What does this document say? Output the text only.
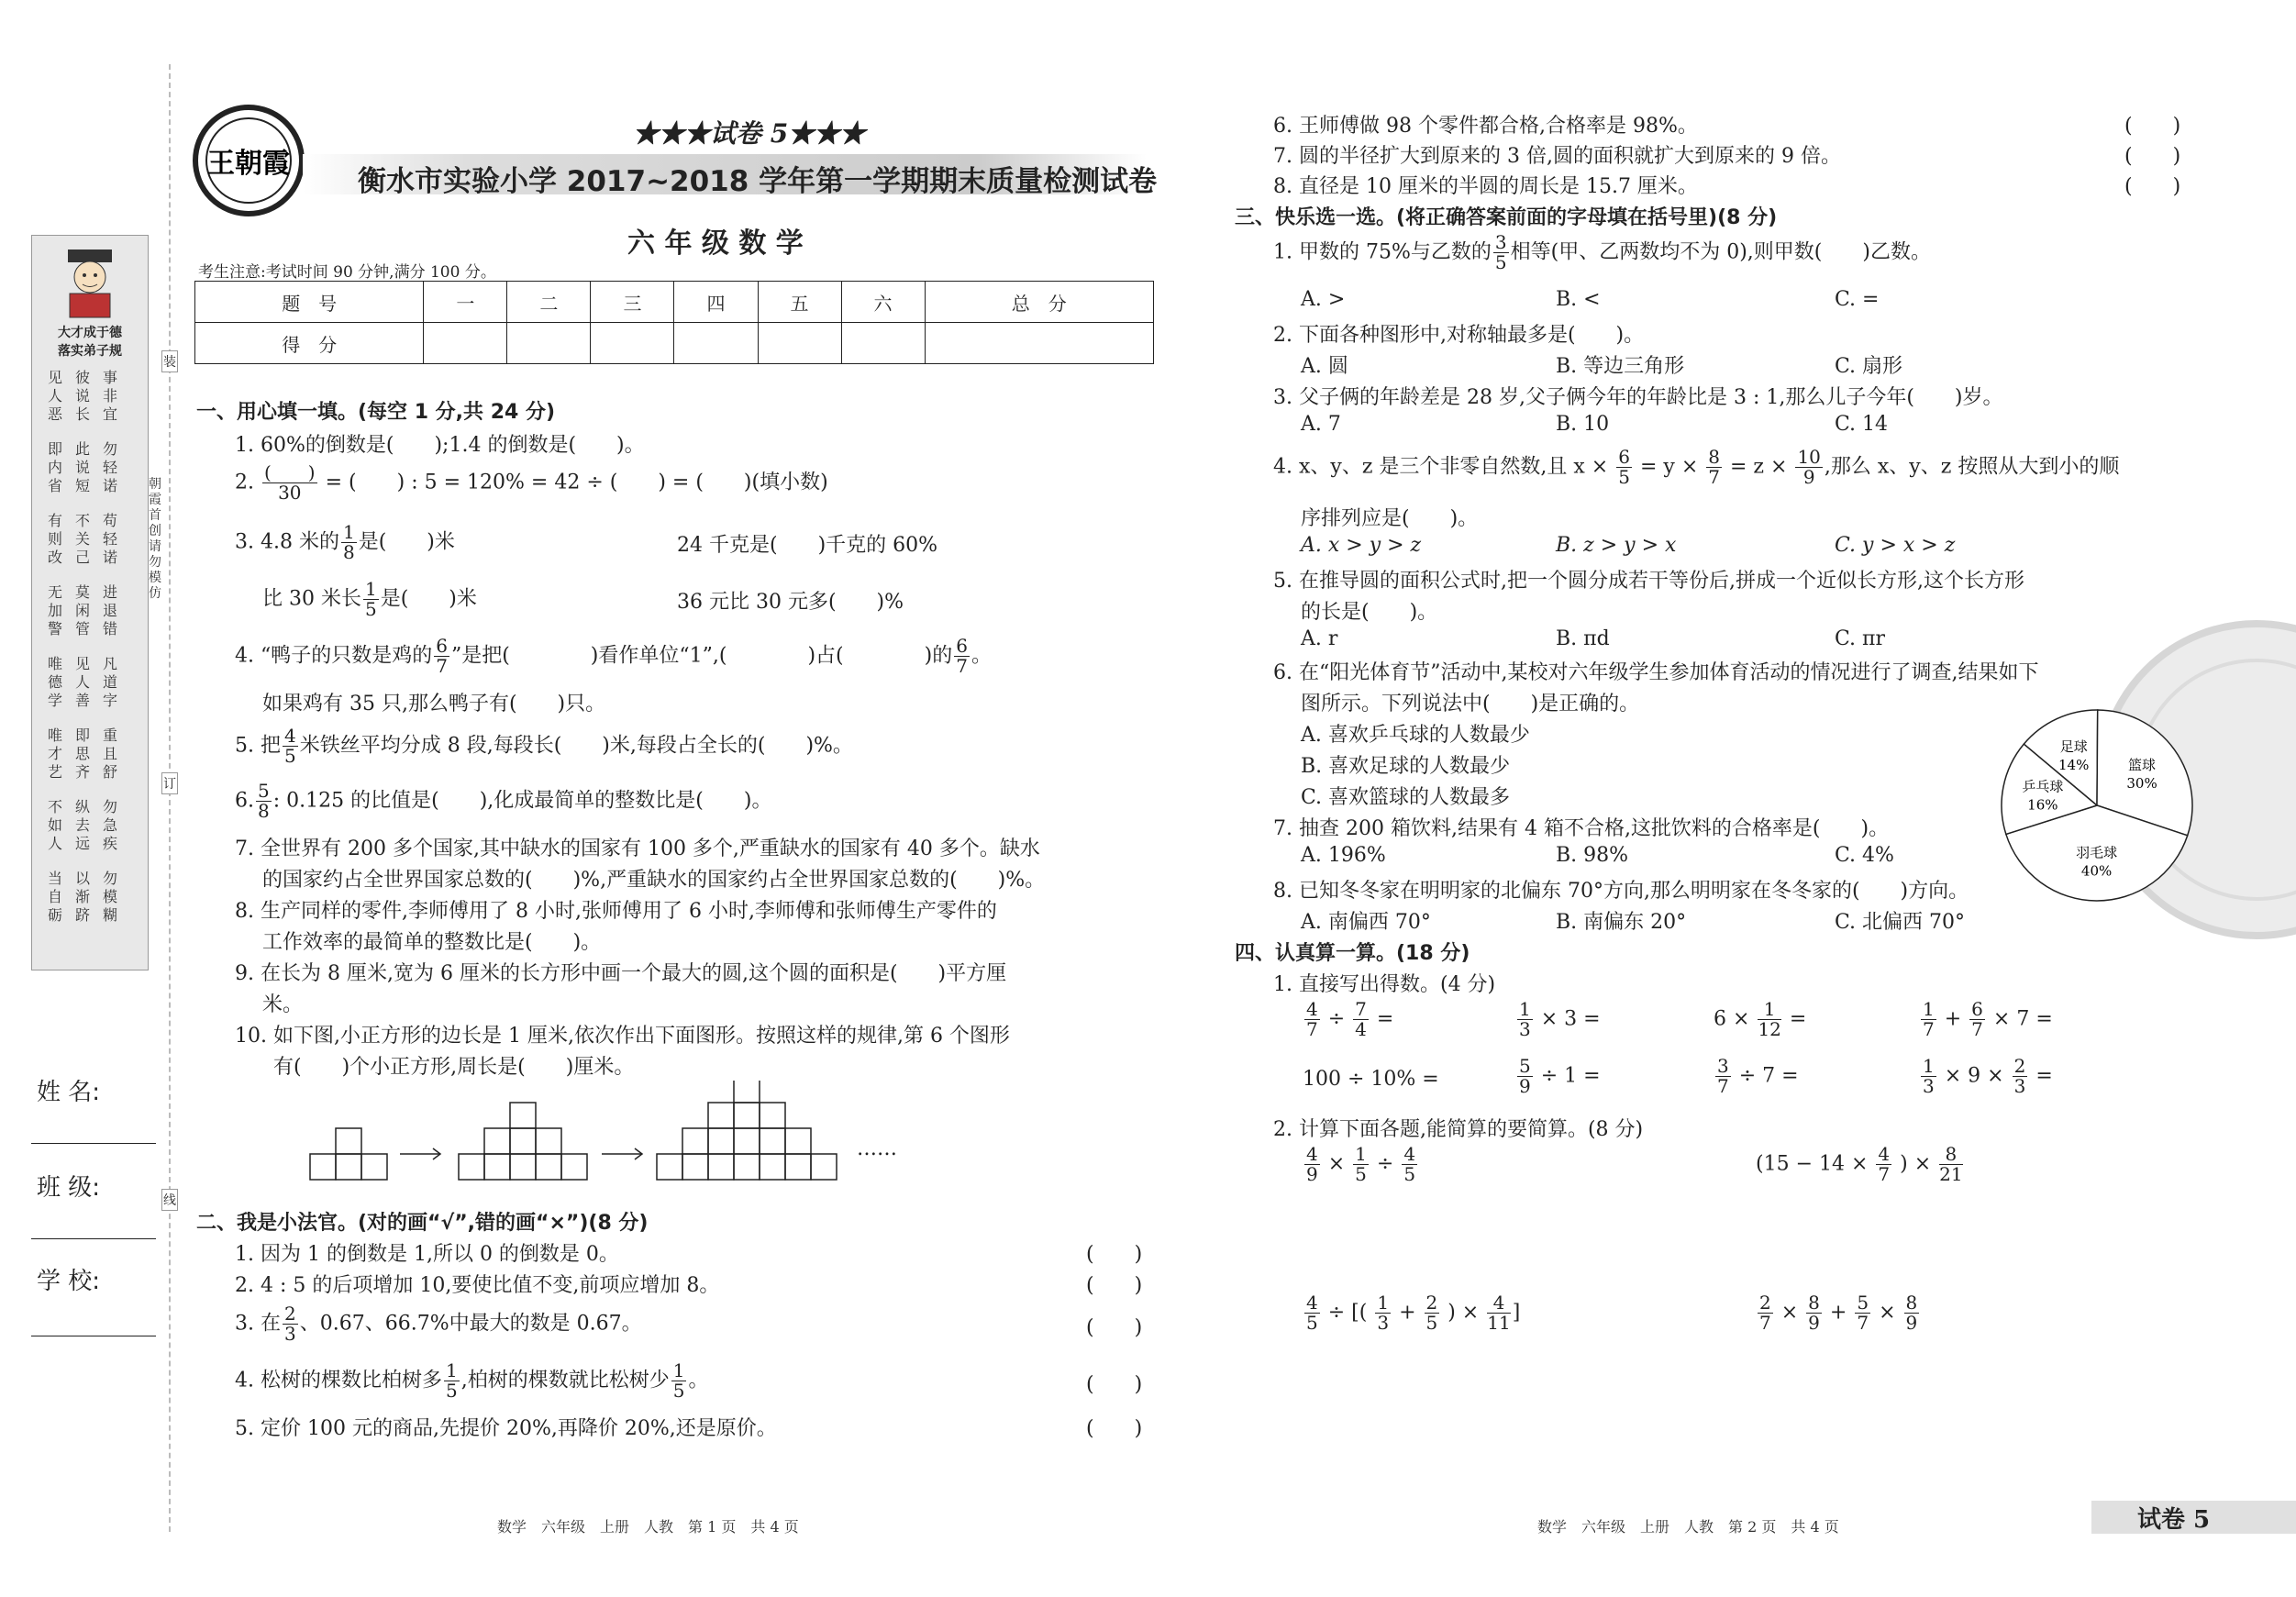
大才成于德
落实弟子规
见人恶
彼说长
事非宜
即内省
此说短
勿轻诺
有则改
不关己
苟轻诺
无加警
莫闲管
进退错
唯德学
见人善
凡道字
唯才艺
即思齐
重且舒
不如人
纵去远
勿急疾
当自砺
以渐跻
勿模糊
姓 名:
班 级:
学 校:
朝霞首创 请勿模仿
装
订
线
王朝霞
★★★试卷 5★★★
衡水市实验小学 2017~2018 学年第一学期期末质量检测试卷
六 年 级 数 学
考生注意:考试时间 90 分钟,满分 100 分。
题　号	一	二	三	四	五	六	总　分
得　分							
一、用心填一填。(每空 1 分,共 24 分)
1. 60%的倒数是(　　);1.4 的倒数是(　　)。
2. $\frac{( )}{30}$ = (　　) : 5 = 120% = 42 ÷ (　　) = (　　)(填小数)
3. 4.8 米的 $\frac{1}{8}$ 是(　　)米	24 千克是(　　)千克的 60%
比 30 米长 $\frac{1}{5}$ 是(　　)米	36 元比 30 元多(　　)%
4. “鸭子的只数是鸡的 $\frac{6}{7}$ ”是把(　　　　)看作单位“1”,(　　　　)占(　　　　)的 $\frac{6}{7}$ 。
如果鸡有 35 只,那么鸭子有(　　)只。
5. 把 $\frac{4}{5}$ 米铁丝平均分成 8 段,每段长(　　)米,每段占全长的(　　)%。
6. $\frac{5}{8}$ : 0.125 的比值是(　　),化成最简单的整数比是(　　)。
7. 全世界有 200 多个国家,其中缺水的国家有 100 多个,严重缺水的国家有 40 多个。缺水
的国家约占全世界国家总数的(　　)%,严重缺水的国家约占全世界国家总数的(　　)%。
8. 生产同样的零件,李师傅用了 8 小时,张师傅用了 6 小时,李师傅和张师傅生产零件的
工作效率的最简单的整数比是(　　)。
9. 在长为 8 厘米,宽为 6 厘米的长方形中画一个最大的圆,这个圆的面积是(　　)平方厘
米。
10. 如下图,小正方形的边长是 1 厘米,依次作出下面图形。按照这样的规律,第 6 个图形
有(　　)个小正方形,周长是(　　)厘米。
……
二、我是小法官。(对的画“√”,错的画“×”)(8 分)
1. 因为 1 的倒数是 1,所以 0 的倒数是 0。	(　　)
2. 4 : 5 的后项增加 10,要使比值不变,前项应增加 8。	(　　)
3. 在 $\frac{2}{3}$ 、0.67、66.7%中最大的数是 0.67。	(　　)
4. 松树的棵数比柏树多 $\frac{1}{5}$ ,柏树的棵数就比松树少 $\frac{1}{5}$ 。	(　　)
5. 定价 100 元的商品,先提价 20%,再降价 20%,还是原价。	(　　)
数学　六年级　上册　人教　第 1 页　共 4 页
6. 王师傅做 98 个零件都合格,合格率是 98%。	(　　)
7. 圆的半径扩大到原来的 3 倍,圆的面积就扩大到原来的 9 倍。	(　　)
8. 直径是 10 厘米的半圆的周长是 15.7 厘米。	(　　)
三、快乐选一选。(将正确答案前面的字母填在括号里)(8 分)
1. 甲数的 75%与乙数的 $\frac{3}{5}$ 相等(甲、乙两数均不为 0),则甲数(　　)乙数。
A. >	B. <	C. =
2. 下面各种图形中,对称轴最多是(　　)。
A. 圆	B. 等边三角形	C. 扇形
3. 父子俩的年龄差是 28 岁,父子俩今年的年龄比是 3 : 1,那么儿子今年(　　)岁。
A. 7	B. 10	C. 14
4. x、y、z 是三个非零自然数,且 $x \times \frac{6}{5} = y \times \frac{8}{7} = z \times \frac{10}{9}$ ,那么 x、y、z 按照从大到小的顺
序排列应是(　　)。
A. x > y > z	B. z > y > x	C. y > x > z
5. 在推导圆的面积公式时,把一个圆分成若干等份后,拼成一个近似长方形,这个长方形
的长是(　　)。
A. r	B. πd	C. πr
6. 在“阳光体育节”活动中,某校对六年级学生参加体育活动的情况进行了调查,结果如下
图所示。下列说法中(　　)是正确的。
A. 喜欢乒乓球的人数最少
B. 喜欢足球的人数最少
C. 喜欢篮球的人数最多
足球
14%	篮球
30%
羽毛球
40%
乒乓球
16%
7. 抽查 200 箱饮料,结果有 4 箱不合格,这批饮料的合格率是(　　)。
A. 196%	B. 98%	C. 4%
8. 已知冬冬家在明明家的北偏东 70°方向,那么明明家在冬冬家的(　　)方向。
A. 南偏西 70°	B. 南偏东 20°	C. 北偏西 70°
四、认真算一算。(18 分)
1. 直接写出得数。(4 分)
$\frac{4}{7} \div \frac{7}{4}$ =	$\frac{1}{3} \times 3$ =	$6 \times \frac{1}{12}$ =	$\frac{1}{7} + \frac{6}{7} \times 7$ =
100 ÷ 10% =	$\frac{5}{9} \div 1$ =	$\frac{3}{7} \div 7$ =	$\frac{1}{3} \times 9 \times \frac{2}{3}$ =
2. 计算下面各题,能简算的要简算。(8 分)
$\frac{4}{9} \times \frac{1}{5} \div \frac{4}{5}$	($15 - 14 \times \frac{4}{7}$ ) × $\frac{8}{21}$
$\frac{4}{5}$ ÷ [( $\frac{1}{3} + \frac{2}{5}$ ) × $\frac{4}{11}$ ]	$\frac{2}{7} \times \frac{8}{9} + \frac{5}{7} \times \frac{8}{9}$
数学　六年级　上册　人教　第 2 页　共 4 页	试卷 5
